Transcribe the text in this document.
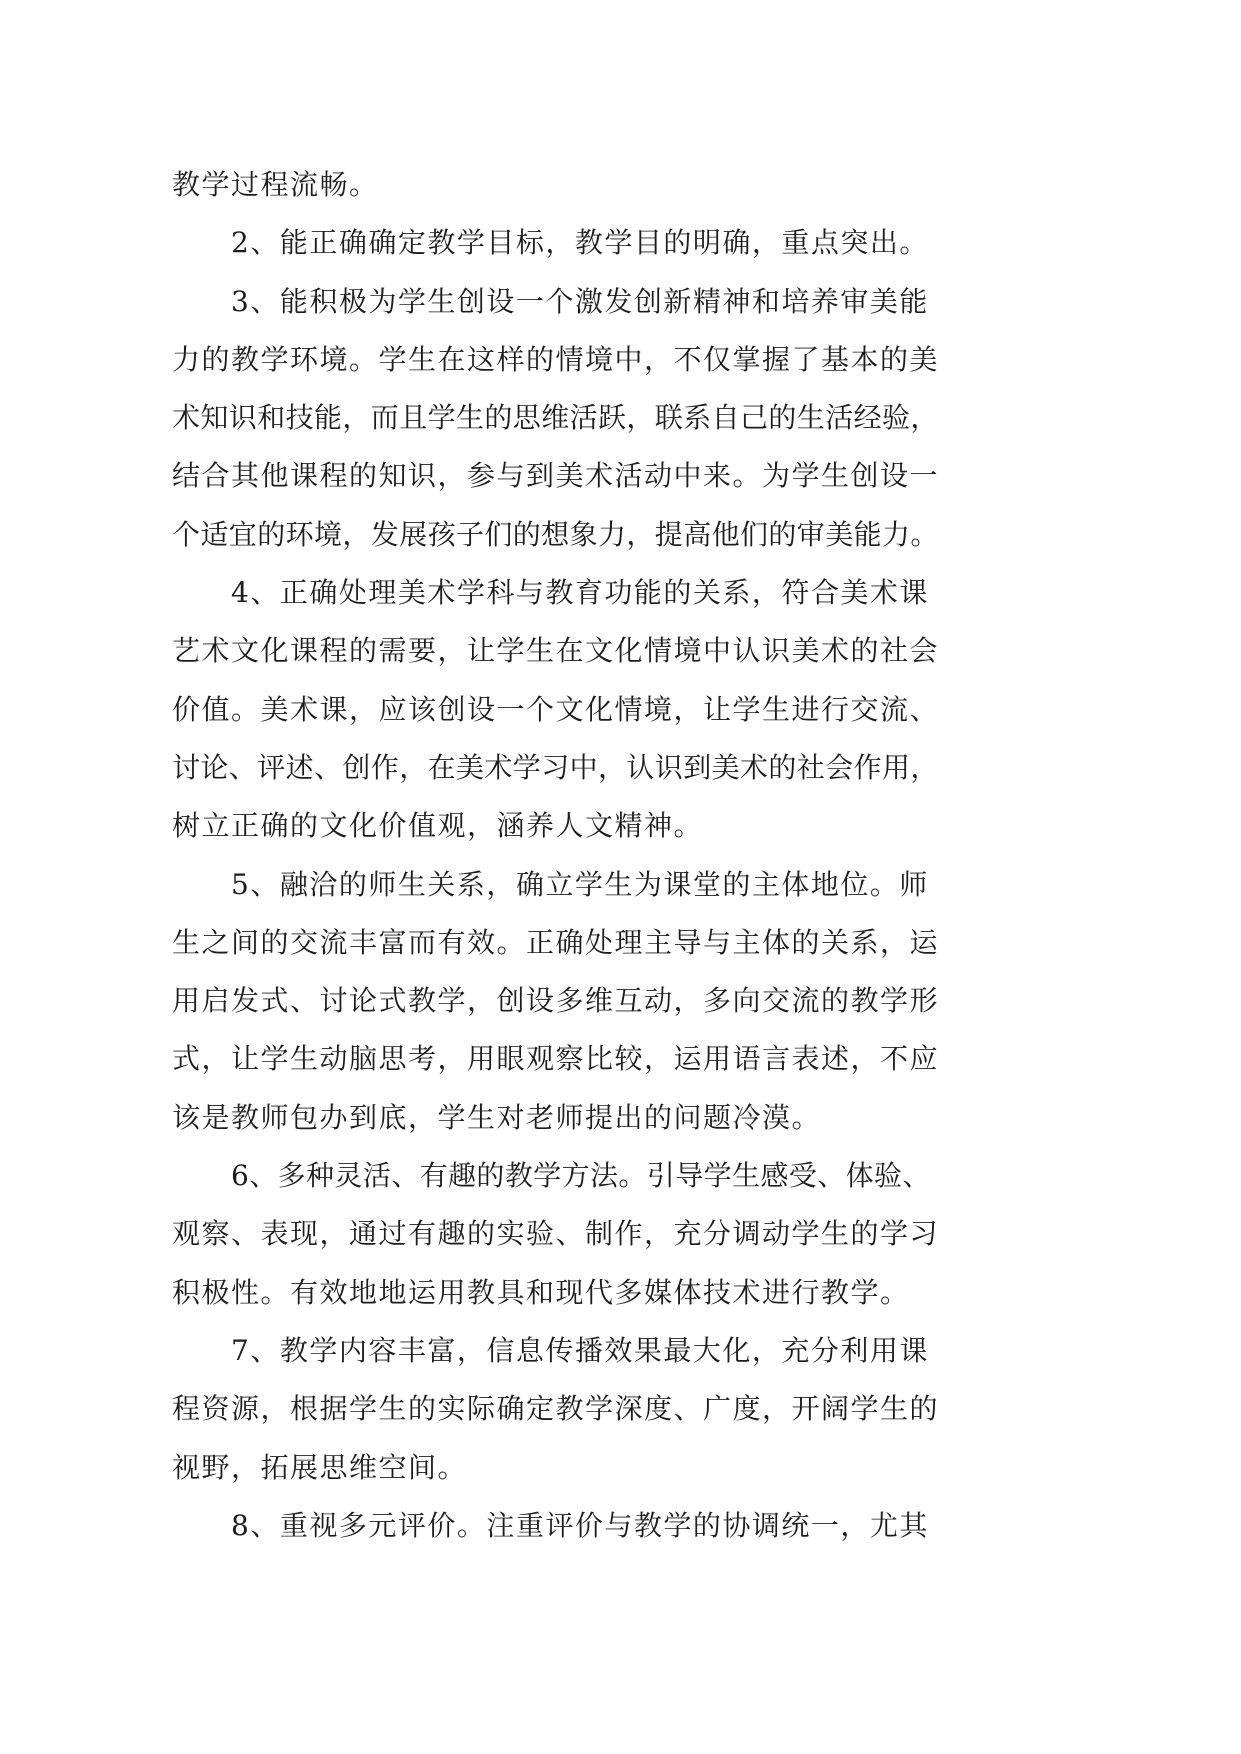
教学过程流畅。
2、能正确确定教学目标，教学目的明确，重点突出。
3、能积极为学生创设一个激发创新精神和培养审美能
力的教学环境。学生在这样的情境中，不仅掌握了基本的美
术知识和技能，而且学生的思维活跃，联系自己的生活经验，
结合其他课程的知识，参与到美术活动中来。为学生创设一
个适宜的环境，发展孩子们的想象力，提高他们的审美能力。
4、正确处理美术学科与教育功能的关系，符合美术课
艺术文化课程的需要，让学生在文化情境中认识美术的社会
价值。美术课，应该创设一个文化情境，让学生进行交流、
讨论、评述、创作，在美术学习中，认识到美术的社会作用，
树立正确的文化价值观，涵养人文精神。
5、融洽的师生关系，确立学生为课堂的主体地位。师
生之间的交流丰富而有效。正确处理主导与主体的关系，运
用启发式、讨论式教学，创设多维互动，多向交流的教学形
式，让学生动脑思考，用眼观察比较，运用语言表述，不应
该是教师包办到底，学生对老师提出的问题冷漠。
6、多种灵活、有趣的教学方法。引导学生感受、体验、
观察、表现，通过有趣的实验、制作，充分调动学生的学习
积极性。有效地地运用教具和现代多媒体技术进行教学。
7、教学内容丰富，信息传播效果最大化，充分利用课
程资源，根据学生的实际确定教学深度、广度，开阔学生的
视野，拓展思维空间。
8、重视多元评价。注重评价与教学的协调统一，尤其
